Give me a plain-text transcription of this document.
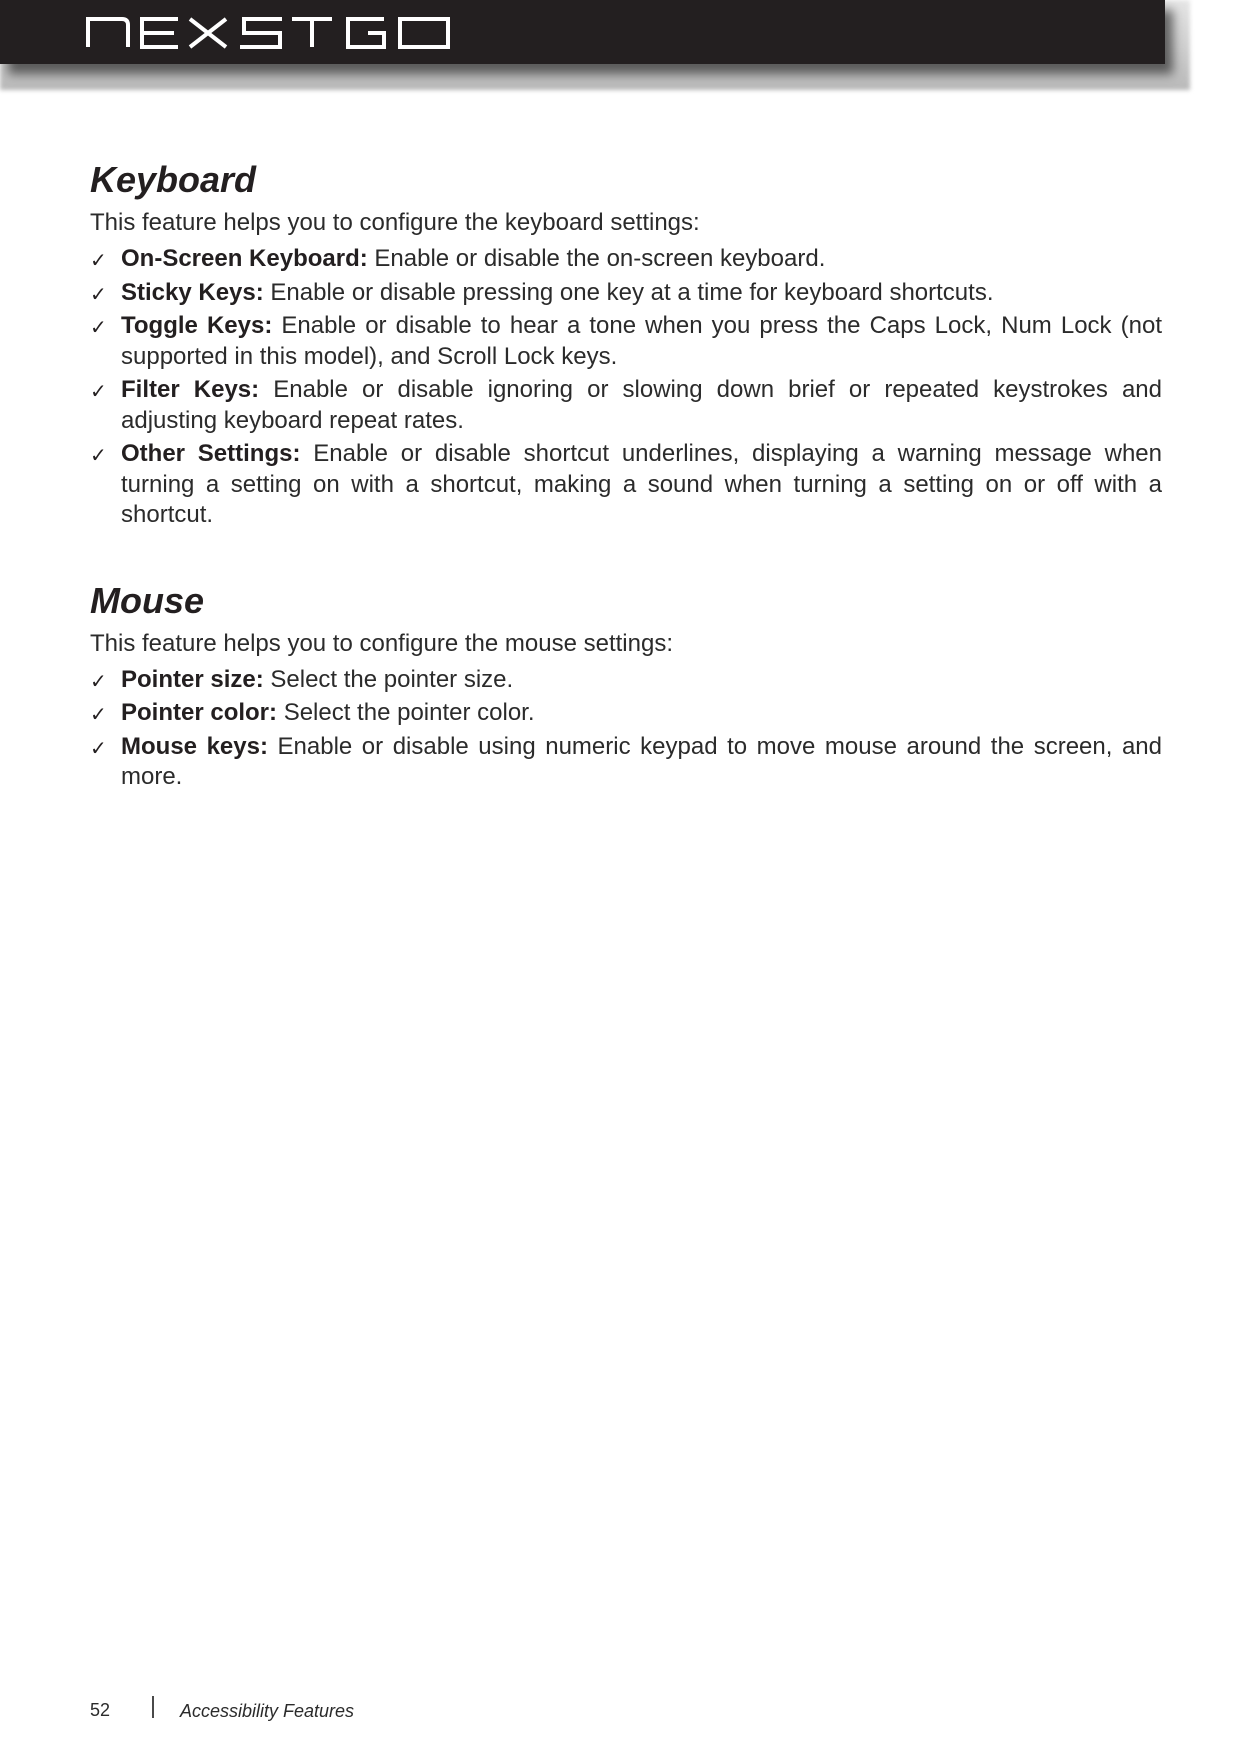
Keyboard

This feature helps you to configure the keyboard settings:

✓ On-Screen Keyboard: Enable or disable the on-screen keyboard.
✓ Sticky Keys: Enable or disable pressing one key at a time for keyboard shortcuts.
✓ Toggle Keys: Enable or disable to hear a tone when you press the Caps Lock, Num Lock (not supported in this model), and Scroll Lock keys.
✓ Filter Keys: Enable or disable ignoring or slowing down brief or repeated keystrokes and adjusting keyboard repeat rates.
✓ Other Settings: Enable or disable shortcut underlines, displaying a warning message when turning a setting on with a shortcut, making a sound when turning a setting on or off with a shortcut.
Mouse

This feature helps you to configure the mouse settings:

✓ Pointer size: Select the pointer size.
✓ Pointer color: Select the pointer color.
✓ Mouse keys: Enable or disable using numeric keypad to move mouse around the screen, and more.
52	Accessibility Features
